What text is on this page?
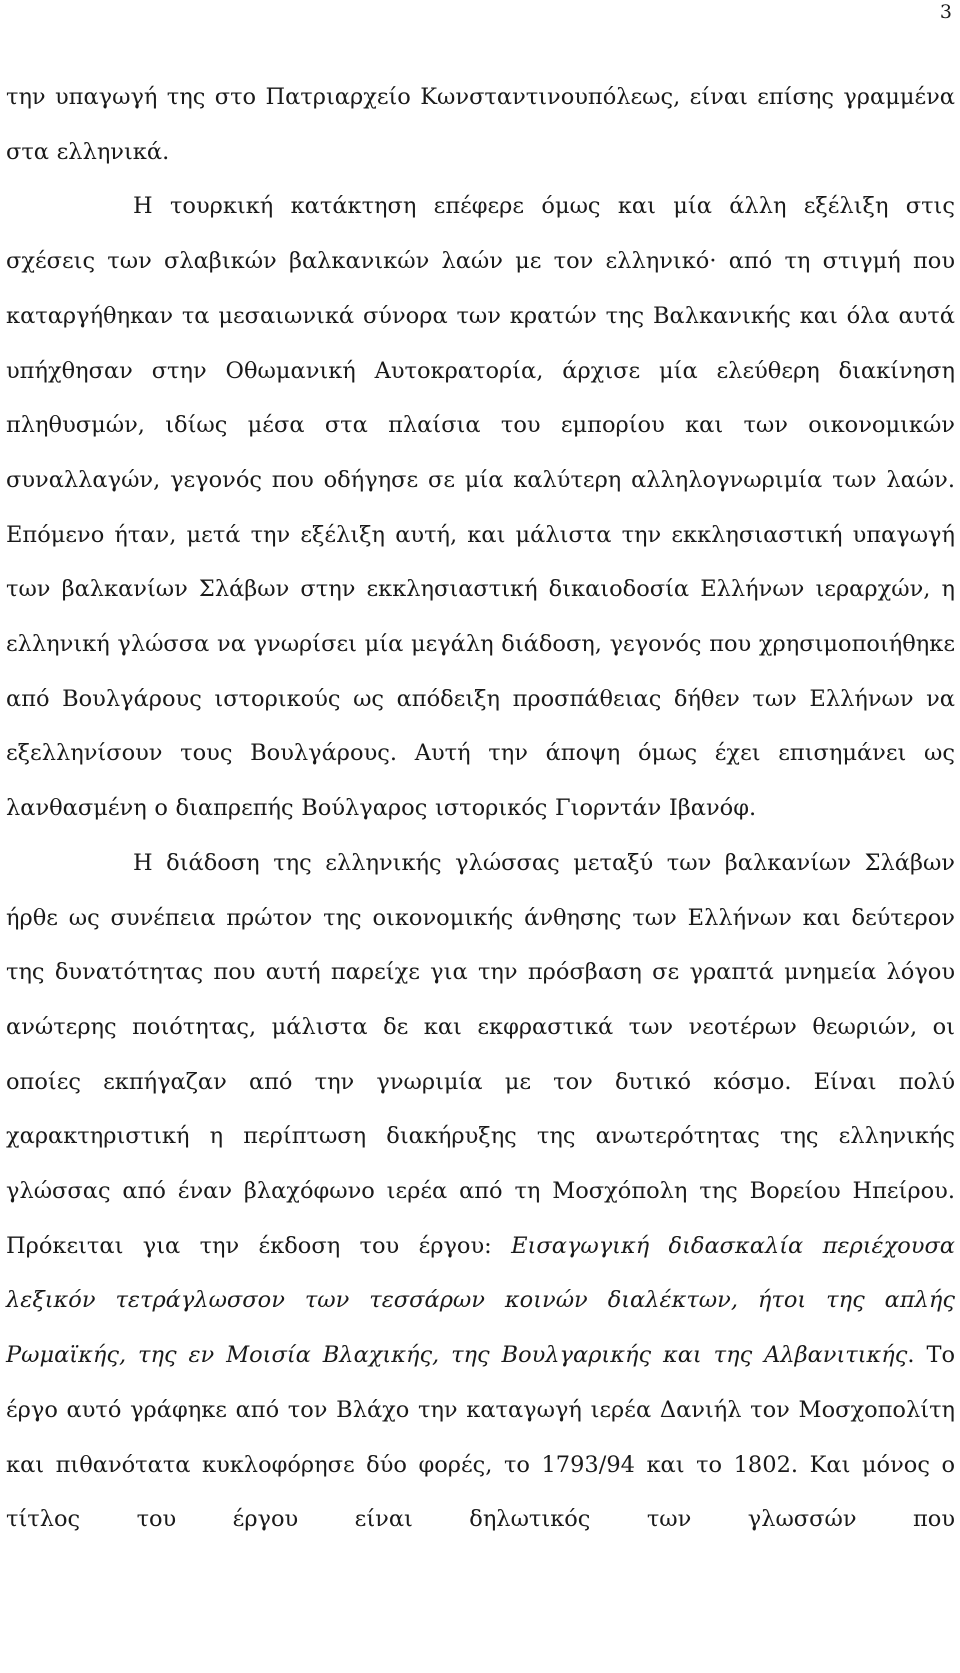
3

την υπαγωγή της στο Πατριαρχείο Κωνσταντινουπόλεως, είναι επίσης γραμμένα στα ελληνικά.

Η τουρκική κατάκτηση επέφερε όμως και μία άλλη εξέλιξη στις σχέσεις των σλαβικών βαλκανικών λαών με τον ελληνικό· από τη στιγμή που καταργήθηκαν τα μεσαιωνικά σύνορα των κρατών της Βαλκανικής και όλα αυτά υπήχθησαν στην Οθωμανική Αυτοκρατορία, άρχισε μία ελεύθερη διακίνηση πληθυσμών, ιδίως μέσα στα πλαίσια του εμπορίου και των οικονομικών συναλλαγών, γεγονός που οδήγησε σε μία καλύτερη αλληλογνωριμία των λαών. Επόμενο ήταν, μετά την εξέλιξη αυτή, και μάλιστα την εκκλησιαστική υπαγωγή των βαλκανίων Σλάβων στην εκκλησιαστική δικαιοδοσία Ελλήνων ιεραρχών, η ελληνική γλώσσα να γνωρίσει μία μεγάλη διάδοση, γεγονός που χρησιμοποιήθηκε από Βουλγάρους ιστορικούς ως απόδειξη προσπάθειας δήθεν των Ελλήνων να εξελληνίσουν τους Βουλγάρους. Αυτή την άποψη όμως έχει επισημάνει ως λανθασμένη ο διαπρεπής Βούλγαρος ιστορικός Γιορντάν Ιβανόφ.

Η διάδοση της ελληνικής γλώσσας μεταξύ των βαλκανίων Σλάβων ήρθε ως συνέπεια πρώτον της οικονομικής άνθησης των Ελλήνων και δεύτερον της δυνατότητας που αυτή παρείχε για την πρόσβαση σε γραπτά μνημεία λόγου ανώτερης ποιότητας, μάλιστα δε και εκφραστικά των νεοτέρων θεωριών, οι οποίες εκπήγαζαν από την γνωριμία με τον δυτικό κόσμο. Είναι πολύ χαρακτηριστική η περίπτωση διακήρυξης της ανωτερότητας της ελληνικής γλώσσας από έναν βλαχόφωνο ιερέα από τη Μοσχόπολη της Βορείου Ηπείρου. Πρόκειται για την έκδοση του έργου: Εισαγωγική διδασκαλία περιέχουσα λεξικόν τετράγλωσσον των τεσσάρων κοινών διαλέκτων, ήτοι της απλής Ρωμαϊκής, της εν Μοισία Βλαχικής, της Βουλγαρικής και της Αλβανιτικής. Το έργο αυτό γράφηκε από τον Βλάχο την καταγωγή ιερέα Δανιήλ τον Μοσχοπολίτη και πιθανότατα κυκλοφόρησε δύο φορές, το 1793/94 και το 1802. Και μόνος ο τίτλος του έργου είναι δηλωτικός των γλωσσών που
